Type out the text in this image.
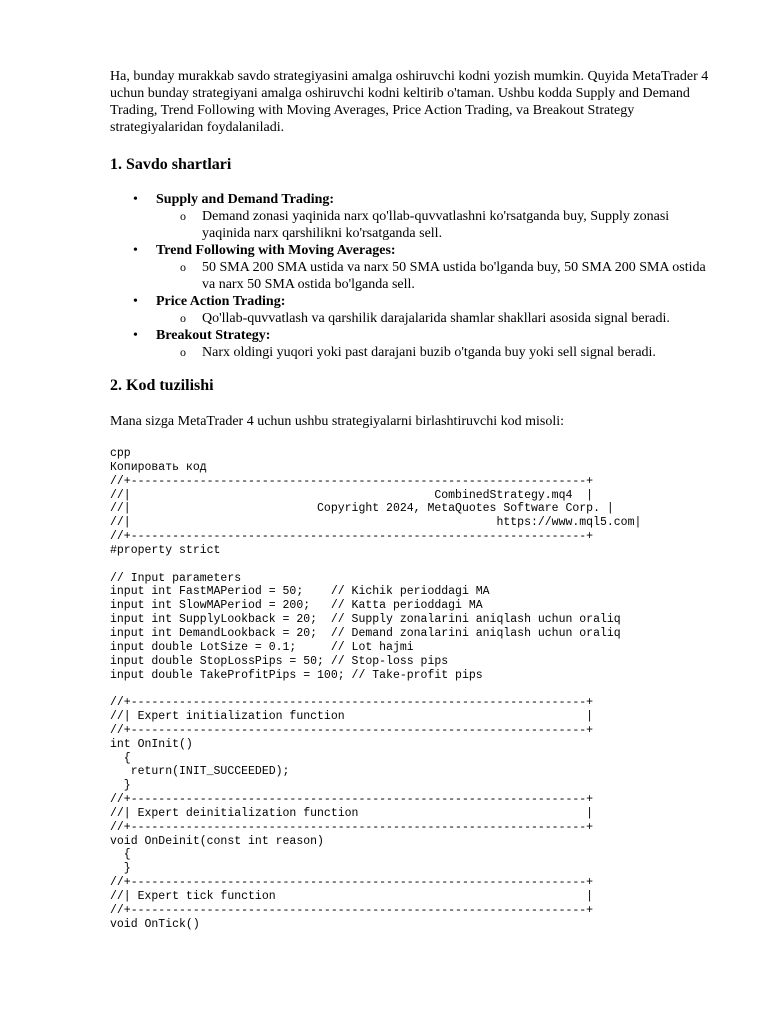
Ha, bunday murakkab savdo strategiyasini amalga oshiruvchi kodni yozish mumkin. Quyida MetaTrader 4 uchun bunday strategiyani amalga oshiruvchi kodni keltirib o'taman. Ushbu kodda Supply and Demand Trading, Trend Following with Moving Averages, Price Action Trading, va Breakout Strategy strategiyalaridan foydalaniladi.

1. Savdo shartlari
• Supply and Demand Trading:
o Demand zonasi yaqinida narx qo'llab-quvvatlashni ko'rsatganda buy, Supply zonasi yaqinida narx qarshilikni ko'rsatganda sell.
• Trend Following with Moving Averages:
o 50 SMA 200 SMA ustida va narx 50 SMA ustida bo'lganda buy, 50 SMA 200 SMA ostida va narx 50 SMA ostida bo'lganda sell.
• Price Action Trading:
o Qo'llab-quvvatlash va qarshilik darajalarida shamlar shakllari asosida signal beradi.
• Breakout Strategy:
o Narx oldingi yuqori yoki past darajani buzib o'tganda buy yoki sell signal beradi.
2. Kod tuzilishi

Mana sizga MetaTrader 4 uchun ushbu strategiyalarni birlashtiruvchi kod misoli:

cpp
Копировать код
//+------------------------------------------------------------------+
//|                                            CombinedStrategy.mq4  |
//|                           Copyright 2024, MetaQuotes Software Corp. |
//|                                                     https://www.mql5.com|
//+------------------------------------------------------------------+
#property strict
// Input parameters
input int FastMAPeriod = 50;    // Kichik perioddagi MA
input int SlowMAPeriod = 200;   // Katta perioddagi MA
input int SupplyLookback = 20;  // Supply zonalarini aniqlash uchun oraliq
input int DemandLookback = 20;  // Demand zonalarini aniqlash uchun oraliq
input double LotSize = 0.1;     // Lot hajmi
input double StopLossPips = 50; // Stop-loss pips
input double TakeProfitPips = 100; // Take-profit pips
//+------------------------------------------------------------------+
//| Expert initialization function                                   |
//+------------------------------------------------------------------+
int OnInit()
{
return(INIT_SUCCEEDED);
}
//+------------------------------------------------------------------+
//| Expert deinitialization function                                 |
//+------------------------------------------------------------------+
void OnDeinit(const int reason)
{
}
//+------------------------------------------------------------------+
//| Expert tick function                                             |
//+------------------------------------------------------------------+
void OnTick()
